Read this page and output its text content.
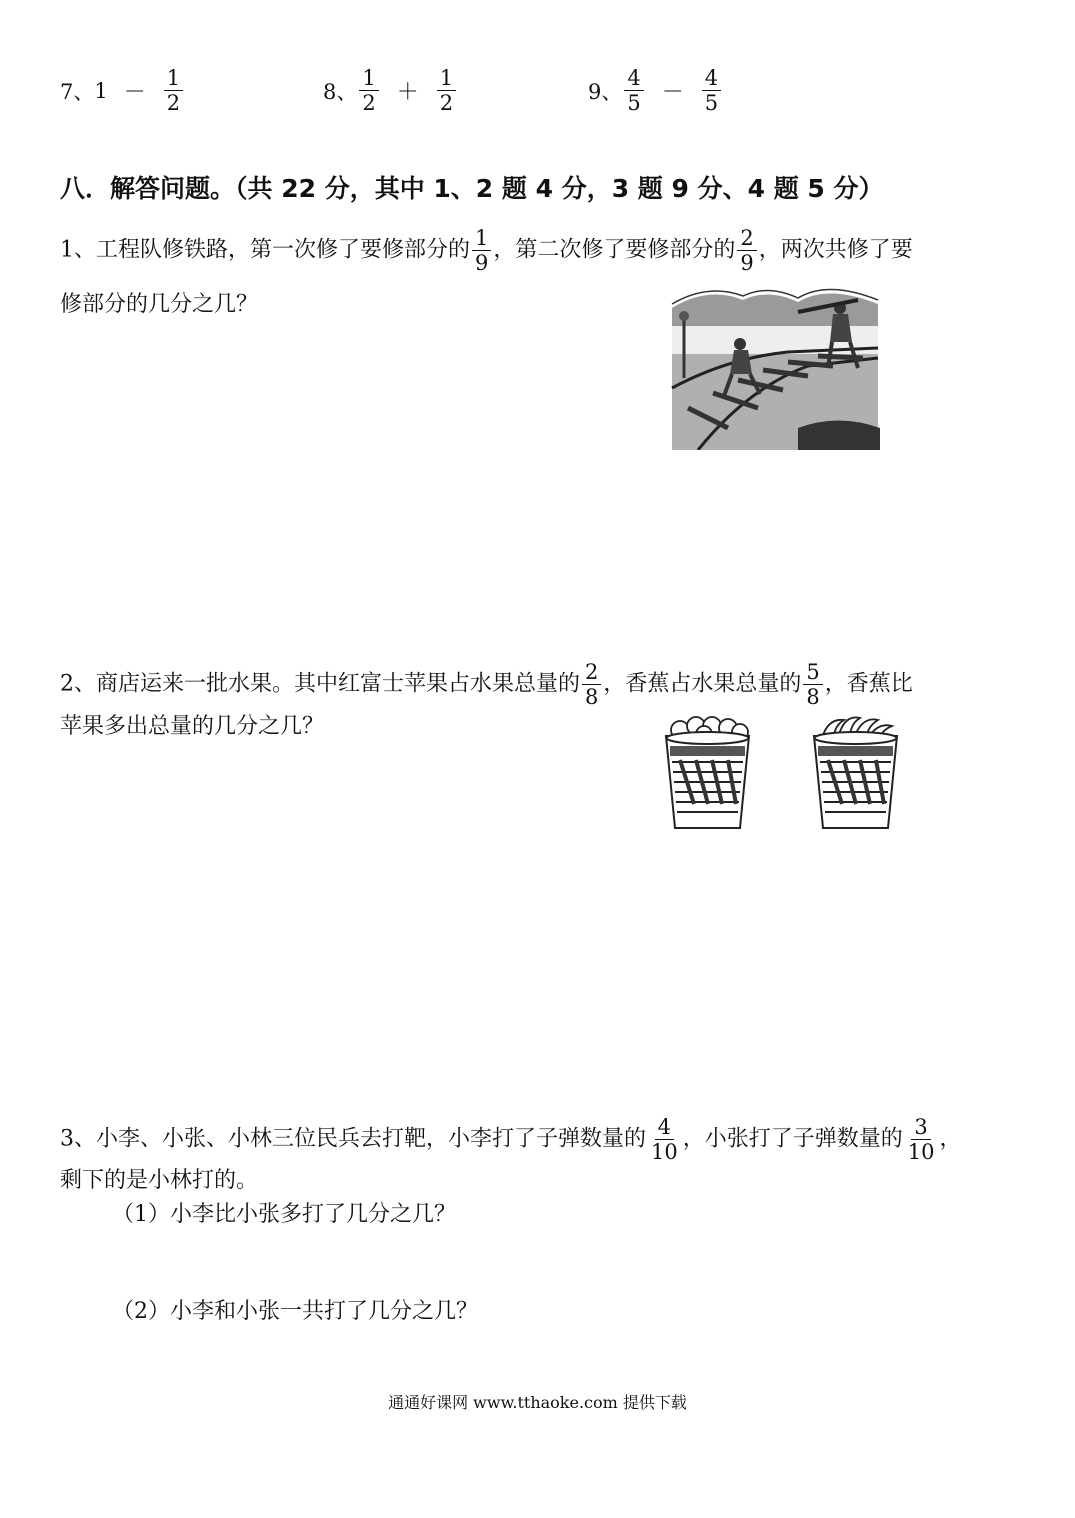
7、$1 - \frac{1}{2}$	8、 $\frac{1}{2} + \frac{1}{2}$	9、 $\frac{4}{5} - \frac{4}{5}$
八．解答问题。（共 22 分，其中 1、2 题 4 分，3 题 9 分、4 题 5 分）
1、工程队修铁路，第一次修了要修部分的 $\frac{1}{9}$ ，第二次修了要修部分的 $\frac{2}{9}$ ，两次共修了要
修部分的几分之几？
2、商店运来一批水果。其中红富士苹果占水果总量的 $\frac{2}{8}$ ，香蕉占水果总量的 $\frac{5}{8}$ ，香蕉比
苹果多出总量的几分之几？
3、小李、小张、小林三位民兵去打靶，小李打了子弹数量的 $\frac{4}{10}$ ，小张打了子弹数量的 $\frac{3}{10}$ ，
剩下的是小林打的。
（1）小李比小张多打了几分之几？
（2）小李和小张一共打了几分之几？
通通好课网 www.tthaoke.com 提供下载
